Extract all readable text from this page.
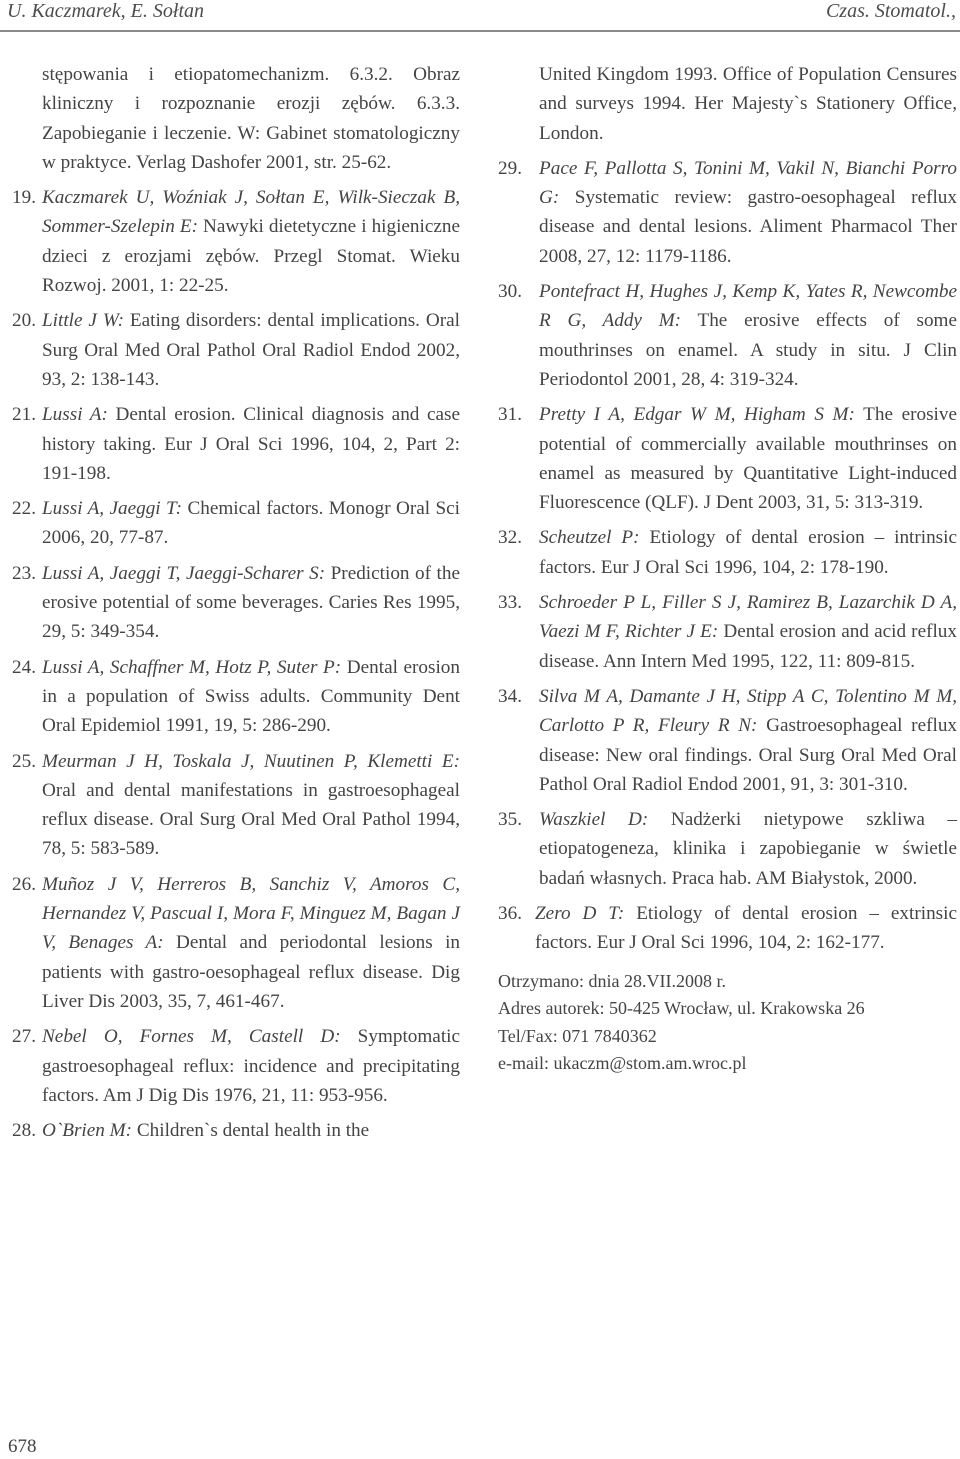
U. Kaczmarek, E. Sołtan	Czas. Stomatol.,
stępowania i etiopatomechanizm. 6.3.2. Obraz kliniczny i rozpoznanie erozji zębów. 6.3.3. Zapobieganie i leczenie. W: Gabinet stomatologiczny w praktyce. Verlag Dashofer 2001, str. 25-62.
19. Kaczmarek U, Woźniak J, Sołtan E, Wilk-Sieczak B, Sommer-Szelepin E: Nawyki dietetyczne i higieniczne dzieci z erozjami zębów. Przegl Stomat. Wieku Rozwoj. 2001, 1: 22-25.
20. Little J W: Eating disorders: dental implications. Oral Surg Oral Med Oral Pathol Oral Radiol Endod 2002, 93, 2: 138-143.
21. Lussi A: Dental erosion. Clinical diagnosis and case history taking. Eur J Oral Sci 1996, 104, 2, Part 2: 191-198.
22. Lussi A, Jaeggi T: Chemical factors. Monogr Oral Sci 2006, 20, 77-87.
23. Lussi A, Jaeggi T, Jaeggi-Scharer S: Prediction of the erosive potential of some beverages. Caries Res 1995, 29, 5: 349-354.
24. Lussi A, Schaffner M, Hotz P, Suter P: Dental erosion in a population of Swiss adults. Community Dent Oral Epidemiol 1991, 19, 5: 286-290.
25. Meurman J H, Toskala J, Nuutinen P, Klemetti E: Oral and dental manifestations in gastroesophageal reflux disease. Oral Surg Oral Med Oral Pathol 1994, 78, 5: 583-589.
26. Muñoz J V, Herreros B, Sanchiz V, Amoros C, Hernandez V, Pascual I, Mora F, Minguez M, Bagan J V, Benages A: Dental and periodontal lesions in patients with gastro-oesophageal reflux disease. Dig Liver Dis 2003, 35, 7, 461-467.
27. Nebel O, Fornes M, Castell D: Symptomatic gastroesophageal reflux: incidence and precipitating factors. Am J Dig Dis 1976, 21, 11: 953-956.
28. O`Brien M: Children`s dental health in the
United Kingdom 1993. Office of Population Censures and surveys 1994. Her Majesty`s Stationery Office, London.
29. Pace F, Pallotta S, Tonini M, Vakil N, Bianchi Porro G: Systematic review: gastro-oesophageal reflux disease and dental lesions. Aliment Pharmacol Ther 2008, 27, 12: 1179-1186.
30. Pontefract H, Hughes J, Kemp K, Yates R, Newcombe R G, Addy M: The erosive effects of some mouthrinses on enamel. A study in situ. J Clin Periodontol 2001, 28, 4: 319-324.
31. Pretty I A, Edgar W M, Higham S M: The erosive potential of commercially available mouthrinses on enamel as measured by Quantitative Light-induced Fluorescence (QLF). J Dent 2003, 31, 5: 313-319.
32. Scheutzel P: Etiology of dental erosion – intrinsic factors. Eur J Oral Sci 1996, 104, 2: 178-190.
33. Schroeder P L, Filler S J, Ramirez B, Lazarchik D A, Vaezi M F, Richter J E: Dental erosion and acid reflux disease. Ann Intern Med 1995, 122, 11: 809-815.
34. Silva M A, Damante J H, Stipp A C, Tolentino M M, Carlotto P R, Fleury R N: Gastroesophageal reflux disease: New oral findings. Oral Surg Oral Med Oral Pathol Oral Radiol Endod 2001, 91, 3: 301-310.
35. Waszkiel D: Nadżerki nietypowe szkliwa – etiopatogeneza, klinika i zapobieganie w świetle badań własnych. Praca hab. AM Białystok, 2000.
36. Zero D T: Etiology of dental erosion – extrinsic factors. Eur J Oral Sci 1996, 104, 2: 162-177.
Otrzymano: dnia 28.VII.2008 r.
Adres autorek: 50-425 Wrocław, ul. Krakowska 26
Tel/Fax: 071 7840362
e-mail: ukaczm@stom.am.wroc.pl
678
